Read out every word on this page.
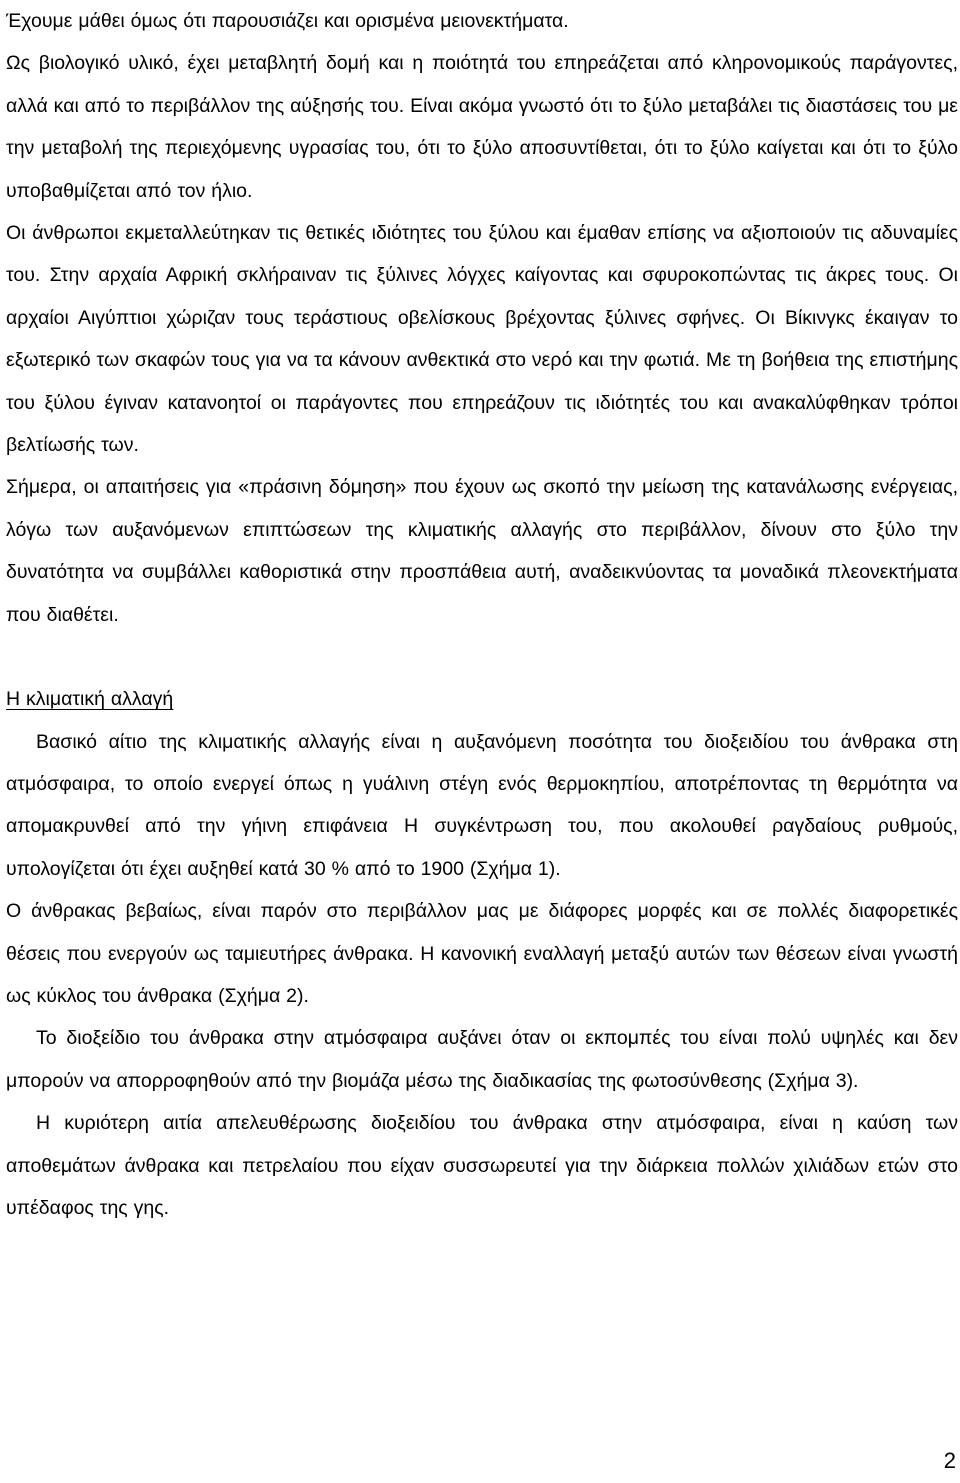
Έχουμε μάθει όμως ότι παρουσιάζει και ορισμένα μειονεκτήματα.

Ως βιολογικό υλικό, έχει μεταβλητή δομή και η ποιότητά του επηρεάζεται από κληρονομικούς παράγοντες, αλλά και από το περιβάλλον της αύξησής του. Είναι ακόμα γνωστό ότι το ξύλο μεταβάλει τις διαστάσεις του με την μεταβολή της περιεχόμενης υγρασίας του, ότι το ξύλο αποσυντίθεται, ότι το ξύλο καίγεται και ότι το ξύλο υποβαθμίζεται από τον ήλιο.

Οι άνθρωποι εκμεταλλεύτηκαν τις θετικές ιδιότητες του ξύλου και έμαθαν επίσης να αξιοποιούν τις αδυναμίες του. Στην αρχαία Αφρική σκλήραιναν τις ξύλινες λόγχες καίγοντας και σφυροκοπώντας τις άκρες τους. Οι αρχαίοι Αιγύπτιοι χώριζαν τους τεράστιους οβελίσκους βρέχοντας ξύλινες σφήνες. Οι Βίκινγκς έκαιγαν το εξωτερικό των σκαφών τους για να τα κάνουν ανθεκτικά στο νερό και την φωτιά. Με τη βοήθεια της επιστήμης του ξύλου έγιναν κατανοητοί οι παράγοντες που επηρεάζουν τις ιδιότητές του και ανακαλύφθηκαν τρόποι βελτίωσής των.

Σήμερα, οι απαιτήσεις για «πράσινη δόμηση» που έχουν ως σκοπό την μείωση της κατανάλωσης ενέργειας, λόγω των αυξανόμενων επιπτώσεων της κλιματικής αλλαγής στο περιβάλλον, δίνουν στο ξύλο την δυνατότητα να συμβάλλει καθοριστικά στην προσπάθεια αυτή, αναδεικνύοντας τα μοναδικά πλεονεκτήματα που διαθέτει.

Η κλιματική αλλαγή

Βασικό αίτιο της κλιματικής αλλαγής είναι η αυξανόμενη ποσότητα του διοξειδίου του άνθρακα στη ατμόσφαιρα, το οποίο ενεργεί όπως η γυάλινη στέγη ενός θερμοκηπίου, αποτρέποντας τη θερμότητα να απομακρυνθεί από την γήινη επιφάνεια Η συγκέντρωση του, που ακολουθεί ραγδαίους ρυθμούς, υπολογίζεται ότι έχει αυξηθεί κατά 30 % από το 1900 (Σχήμα 1).

Ο άνθρακας βεβαίως, είναι παρόν στο περιβάλλον μας με διάφορες μορφές και σε πολλές διαφορετικές θέσεις που ενεργούν ως ταμιευτήρες άνθρακα. Η κανονική εναλλαγή μεταξύ αυτών των θέσεων είναι γνωστή ως κύκλος του άνθρακα (Σχήμα 2).

Το διοξείδιο του άνθρακα στην ατμόσφαιρα αυξάνει όταν οι εκπομπές του είναι πολύ υψηλές και δεν μπορούν να απορροφηθούν από την βιομάζα μέσω της διαδικασίας της φωτοσύνθεσης (Σχήμα 3).

Η κυριότερη αιτία απελευθέρωσης διοξειδίου του άνθρακα στην ατμόσφαιρα, είναι η καύση των αποθεμάτων άνθρακα και πετρελαίου που είχαν συσσωρευτεί για την διάρκεια πολλών χιλιάδων ετών στο υπέδαφος της γης.

2
